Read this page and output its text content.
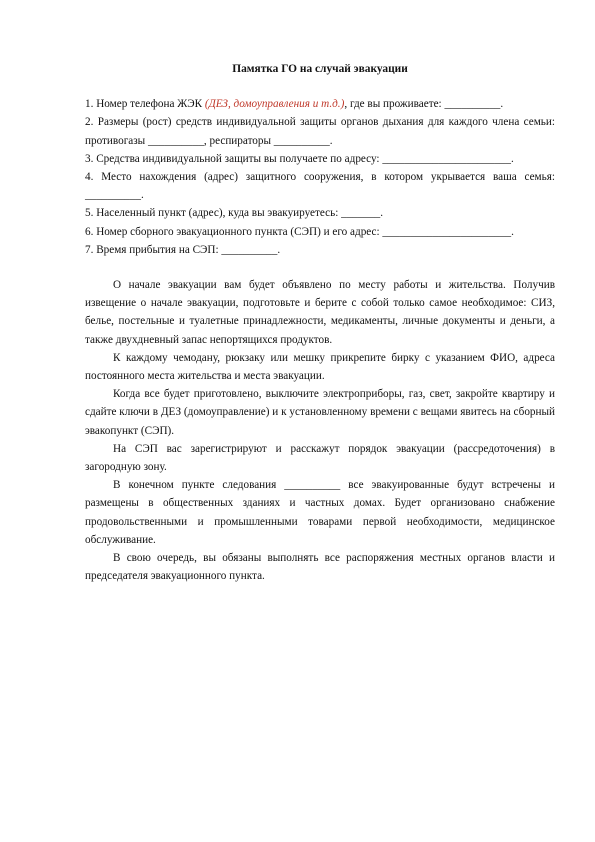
Памятка ГО на случай эвакуации

1. Номер телефона ЖЭК (ДЕЗ, домоуправления и т.д.), где вы проживаете: __________.

2. Размеры (рост) средств индивидуальной защиты органов дыхания для каждого члена семьи: противогазы __________, респираторы __________.

3. Средства индивидуальной защиты вы получаете по адресу: _______________________.

4. Место нахождения (адрес) защитного сооружения, в котором укрывается ваша семья: __________.

5. Населенный пункт (адрес), куда вы эвакуируетесь: _______.

6. Номер сборного эвакуационного пункта (СЭП) и его адрес: _______________________.

7. Время прибытия на СЭП: __________.

О начале эвакуации вам будет объявлено по месту работы и жительства. Получив извещение о начале эвакуации, подготовьте и берите с собой только самое необходимое: СИЗ, белье, постельные и туалетные принадлежности, медикаменты, личные документы и деньги, а также двухдневный запас непортящихся продуктов.

К каждому чемодану, рюкзаку или мешку прикрепите бирку с указанием ФИО, адреса постоянного места жительства и места эвакуации.

Когда все будет приготовлено, выключите электроприборы, газ, свет, закройте квартиру и сдайте ключи в ДЕЗ (домоуправление) и к установленному времени с вещами явитесь на сборный эвакопункт (СЭП).

На СЭП вас зарегистрируют и расскажут порядок эвакуации (рассредоточения) в загородную зону.

В конечном пункте следования __________ все эвакуированные будут встречены и размещены в общественных зданиях и частных домах. Будет организовано снабжение продовольственными и промышленными товарами первой необходимости, медицинское обслуживание.

В свою очередь, вы обязаны выполнять все распоряжения местных органов власти и председателя эвакуационного пункта.
